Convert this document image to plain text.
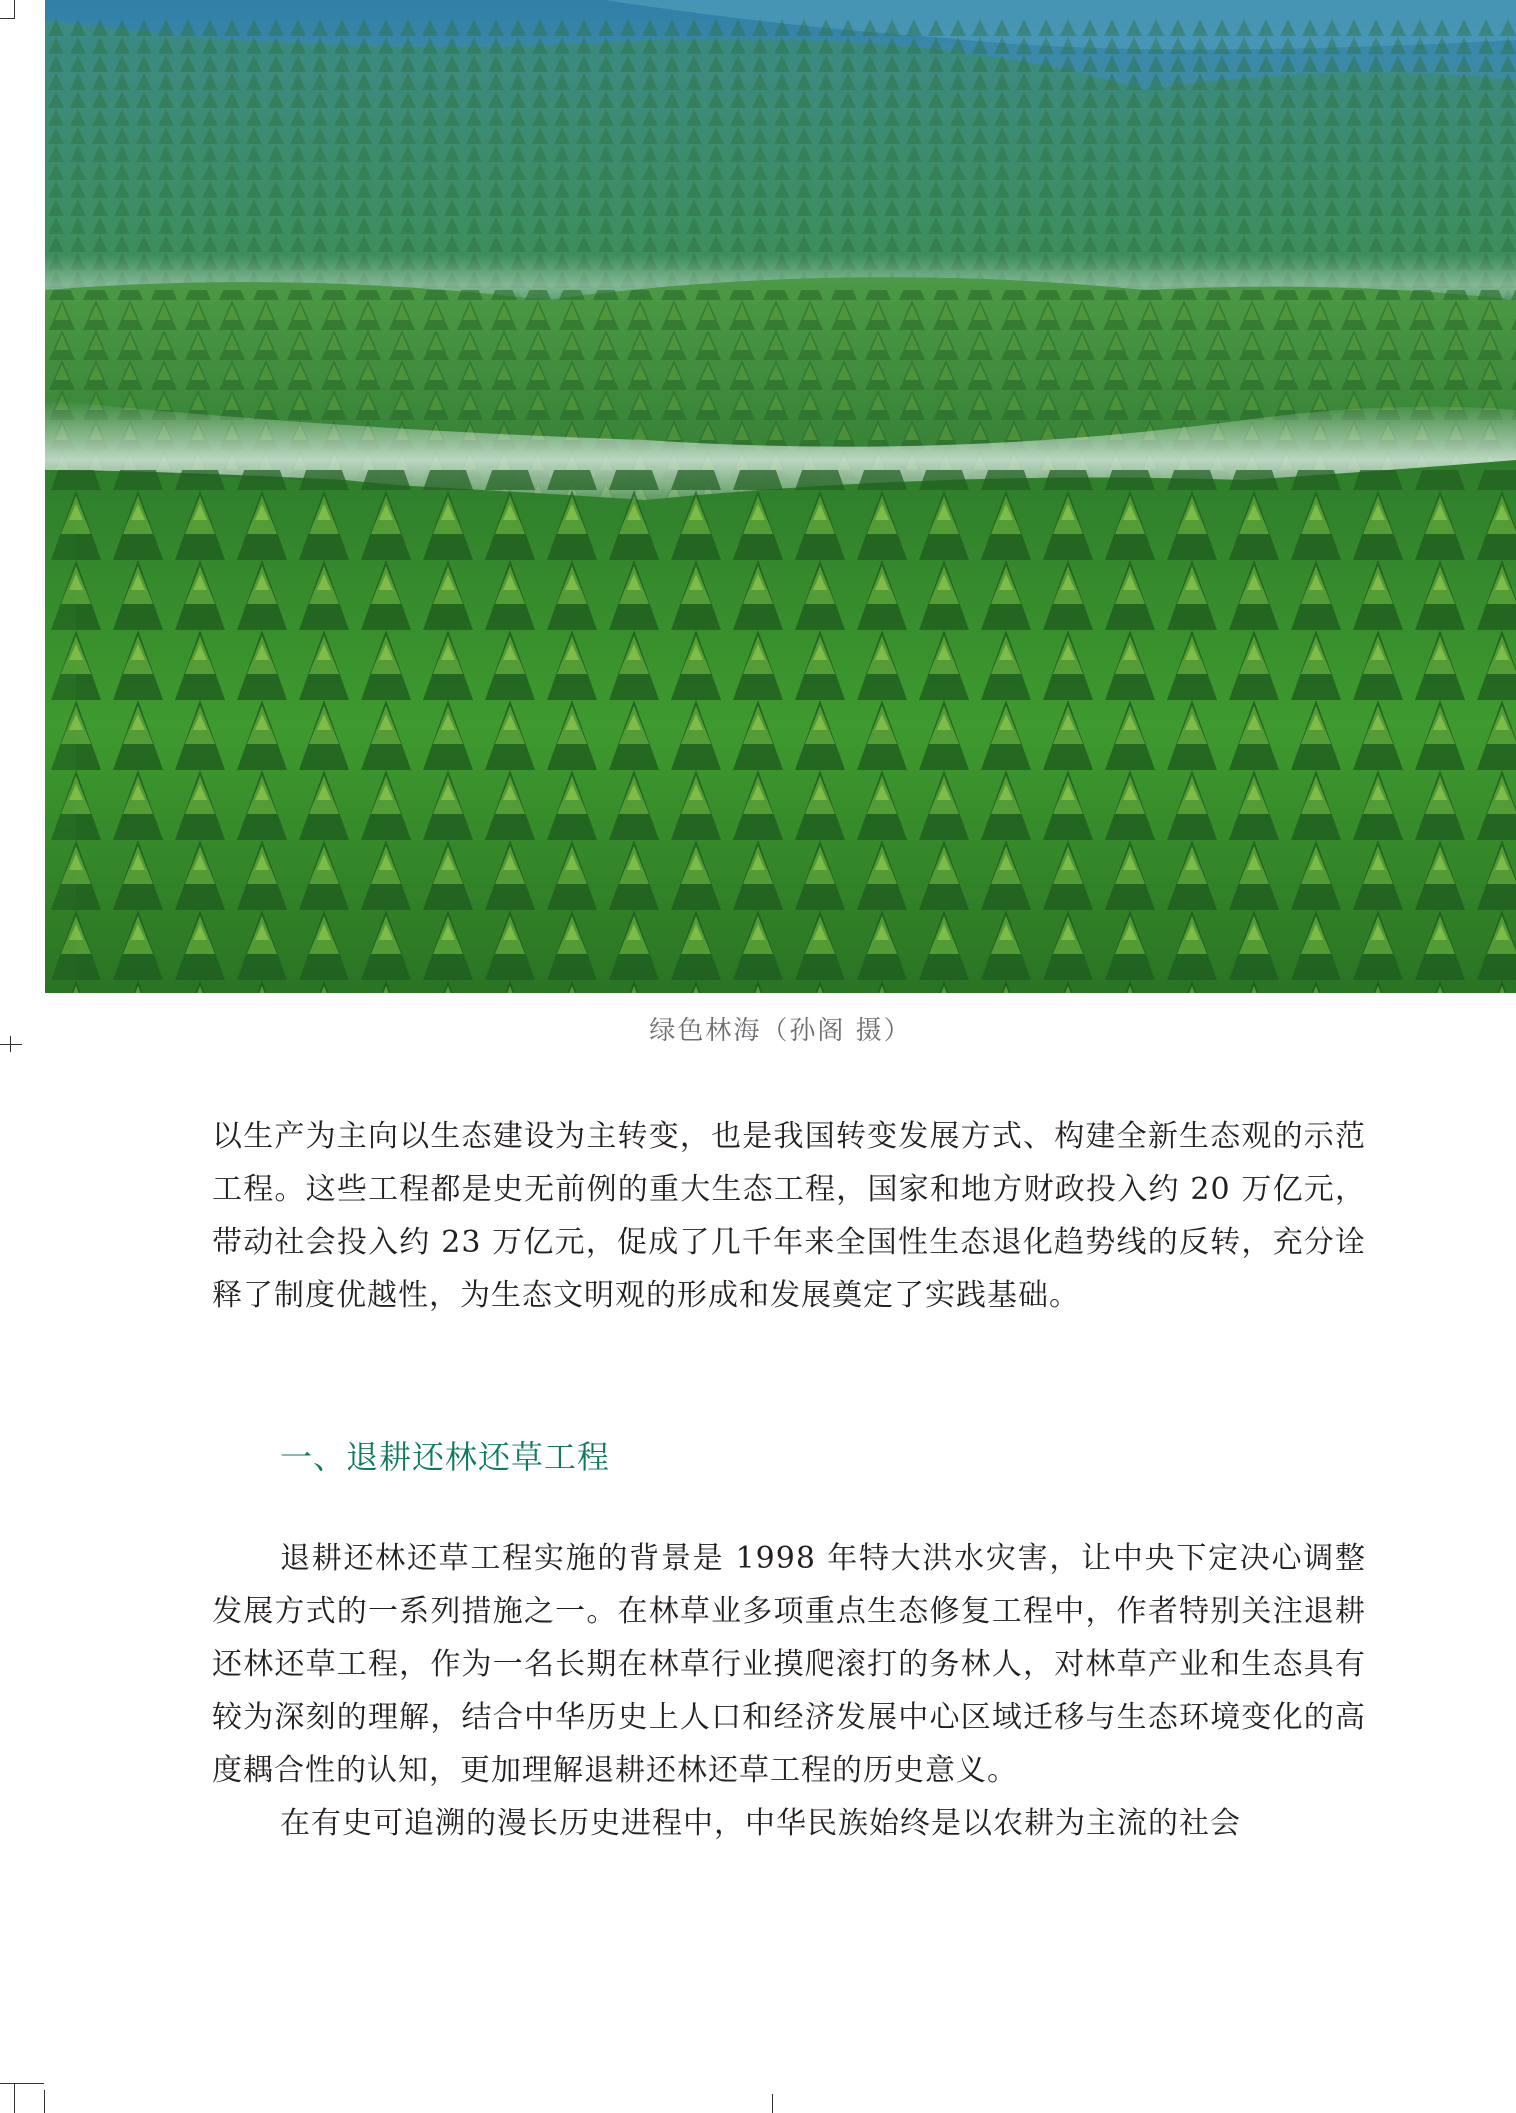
绿色林海（孙阁 摄）

以生产为主向以生态建设为主转变，也是我国转变发展方式、构建全新生态观的示范工程。这些工程都是史无前例的重大生态工程，国家和地方财政投入约 20 万亿元，带动社会投入约 23 万亿元，促成了几千年来全国性生态退化趋势线的反转，充分诠释了制度优越性，为生态文明观的形成和发展奠定了实践基础。

一、退耕还林还草工程

退耕还林还草工程实施的背景是 1998 年特大洪水灾害，让中央下定决心调整发展方式的一系列措施之一。在林草业多项重点生态修复工程中，作者特别关注退耕还林还草工程，作为一名长期在林草行业摸爬滚打的务林人，对林草产业和生态具有较为深刻的理解，结合中华历史上人口和经济发展中心区域迁移与生态环境变化的高度耦合性的认知，更加理解退耕还林还草工程的历史意义。

在有史可追溯的漫长历史进程中，中华民族始终是以农耕为主流的社会
